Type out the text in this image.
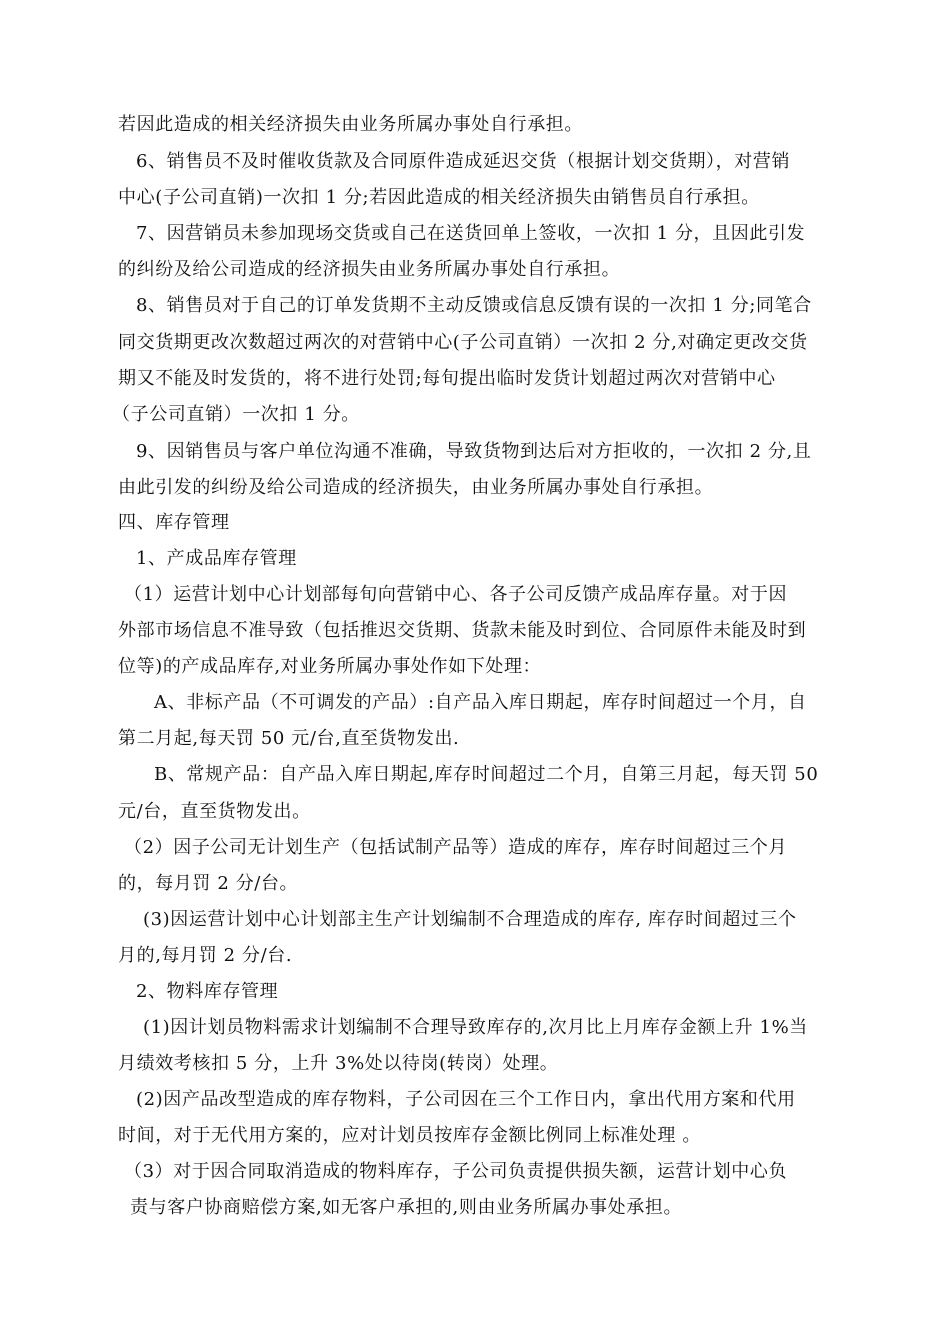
若因此造成的相关经济损失由业务所属办事处自行承担。
6、销售员不及时催收货款及合同原件造成延迟交货（根据计划交货期），对营销
中心(子公司直销)一次扣 1 分;若因此造成的相关经济损失由销售员自行承担。
7、因营销员未参加现场交货或自己在送货回单上签收，一次扣 1 分，且因此引发
的纠纷及给公司造成的经济损失由业务所属办事处自行承担。
8、销售员对于自己的订单发货期不主动反馈或信息反馈有误的一次扣 1 分;同笔合
同交货期更改次数超过两次的对营销中心(子公司直销）一次扣 2 分,对确定更改交货
期又不能及时发货的，将不进行处罚;每旬提出临时发货计划超过两次对营销中心
（子公司直销）一次扣 1 分。
9、因销售员与客户单位沟通不准确，导致货物到达后对方拒收的，一次扣 2 分,且
由此引发的纠纷及给公司造成的经济损失，由业务所属办事处自行承担。
四、库存管理
1、产成品库存管理
（1）运营计划中心计划部每旬向营销中心、各子公司反馈产成品库存量。对于因
外部市场信息不准导致（包括推迟交货期、货款未能及时到位、合同原件未能及时到
位等)的产成品库存,对业务所属办事处作如下处理：
A、非标产品（不可调发的产品）:自产品入库日期起，库存时间超过一个月，自
第二月起,每天罚 50 元/台,直至货物发出.
B、常规产品：自产品入库日期起,库存时间超过二个月，自第三月起，每天罚 50
元/台，直至货物发出。
（2）因子公司无计划生产（包括试制产品等）造成的库存，库存时间超过三个月
的，每月罚 2 分/台。
(3)因运营计划中心计划部主生产计划编制不合理造成的库存, 库存时间超过三个
月的,每月罚 2 分/台.
2、物料库存管理
(1)因计划员物料需求计划编制不合理导致库存的,次月比上月库存金额上升 1%当
月绩效考核扣 5 分，上升 3%处以待岗(转岗）处理。
(2)因产品改型造成的库存物料，子公司因在三个工作日内，拿出代用方案和代用
时间，对于无代用方案的，应对计划员按库存金额比例同上标准处理 。
（3）对于因合同取消造成的物料库存，子公司负责提供损失额，运营计划中心负
责与客户协商赔偿方案,如无客户承担的,则由业务所属办事处承担。
